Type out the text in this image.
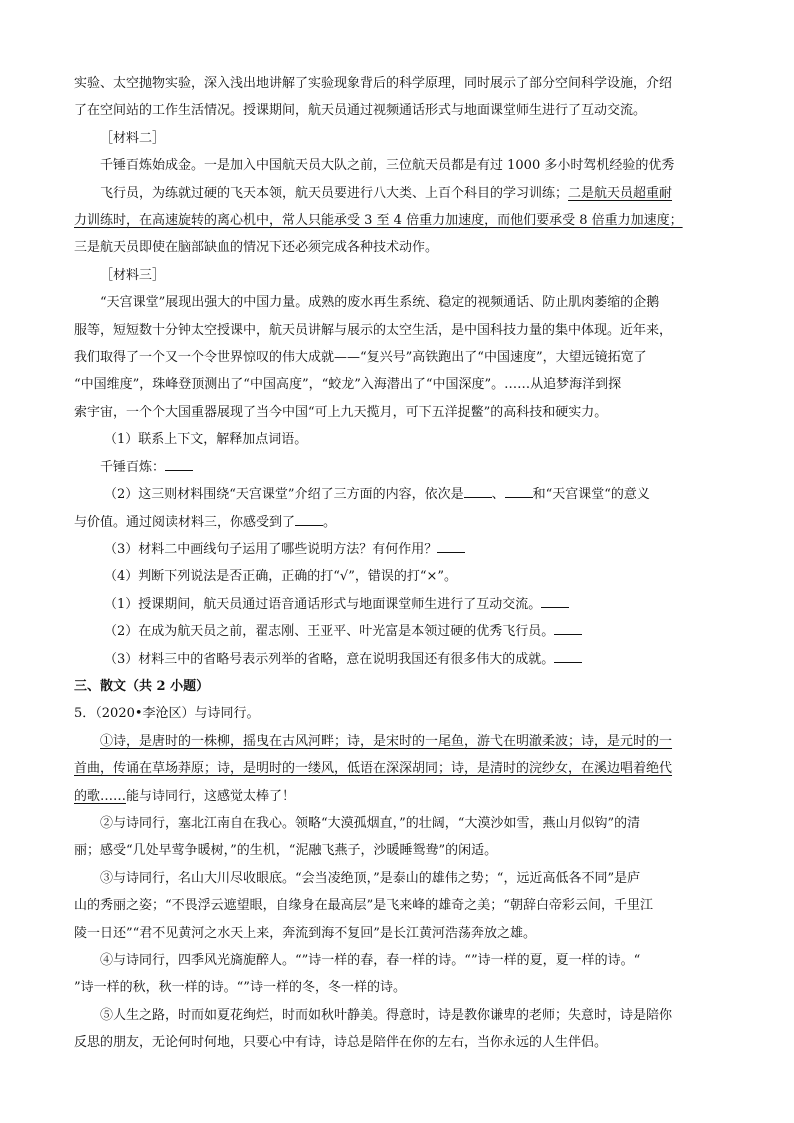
实验、太空抛物实验，深入浅出地讲解了实验现象背后的科学原理，同时展示了部分空间科学设施，介绍

了在空间站的工作生活情况。授课期间，航天员通过视频通话形式与地面课堂师生进行了互动交流。

［材料二］

千锤百炼始成金。一是加入中国航天员大队之前，三位航天员都是有过 1000 多小时驾机经验的优秀

飞行员，为练就过硬的飞天本领，航天员要进行八大类、上百个科目的学习训练；二是航天员超重耐

力训练时，在高速旋转的离心机中，常人只能承受 3 至 4 倍重力加速度，而他们要承受 8 倍重力加速度；

三是航天员即使在脑部缺血的情况下还必须完成各种技术动作。

［材料三］

“天宫课堂”展现出强大的中国力量。成熟的废水再生系统、稳定的视频通话、防止肌肉萎缩的企鹅

服等，短短数十分钟太空授课中，航天员讲解与展示的太空生活，是中国科技力量的集中体现。近年来，

我们取得了一个又一个令世界惊叹的伟大成就——“复兴号”高铁跑出了“中国速度”，大望远镜拓宽了

“中国维度”，珠峰登顶测出了“中国高度”，“蛟龙”入海潜出了“中国深度”。……从追梦海洋到探

索宇宙，一个个大国重器展现了当今中国“可上九天揽月，可下五洋捉鳖”的高科技和硬实力。

（1）联系上下文，解释加点词语。

千锤百炼：

（2）这三则材料围绕“天宫课堂”介绍了三方面的内容，依次是 、 和“天宫课堂“的意义

与价值。通过阅读材料三，你感受到了 。

（3）材料二中画线句子运用了哪些说明方法？有何作用？

（4）判断下列说法是否正确，正确的打“√”，错误的打“×”。

（1）授课期间，航天员通过语音通话形式与地面课堂师生进行了互动交流。

（2）在成为航天员之前，翟志刚、王亚平、叶光富是本领过硬的优秀飞行员。

（3）材料三中的省略号表示列举的省略，意在说明我国还有很多伟大的成就。

三、散文（共 2 小题）

5．（2020•李沧区）与诗同行。

①诗，是唐时的一株柳，摇曳在古风河畔；诗，是宋时的一尾鱼，游弋在明澈柔波；诗，是元时的一

首曲，传诵在草场莽原；诗，是明时的一缕风，低语在深深胡同；诗，是清时的浣纱女，在溪边唱着绝代

的歌……能与诗同行，这感觉太棒了！

②与诗同行，塞北江南自在我心。领略“大漠孤烟直，”的壮阔，“大漠沙如雪，燕山月似钩”的清

丽；感受“几处早莺争暖树，”的生机，“泥融飞燕子，沙暖睡鸳鸯”的闲适。

③与诗同行，名山大川尽收眼底。“会当凌绝顶，”是泰山的雄伟之势；“，远近高低各不同”是庐

山的秀丽之姿；“不畏浮云遮望眼，自缘身在最高层”是飞来峰的雄奇之美；“朝辞白帝彩云间，千里江

陵一日还”“君不见黄河之水天上来，奔流到海不复回”是长江黄河浩荡奔放之雄。

④与诗同行，四季风光旖旎醉人。“”诗一样的春，春一样的诗。“”诗一样的夏，夏一样的诗。“

”诗一样的秋，秋一样的诗。“”诗一样的冬，冬一样的诗。

⑤人生之路，时而如夏花绚烂，时而如秋叶静美。得意时，诗是教你谦卑的老师；失意时，诗是陪你

反思的朋友，无论何时何地，只要心中有诗，诗总是陪伴在你的左右，当你永远的人生伴侣。
